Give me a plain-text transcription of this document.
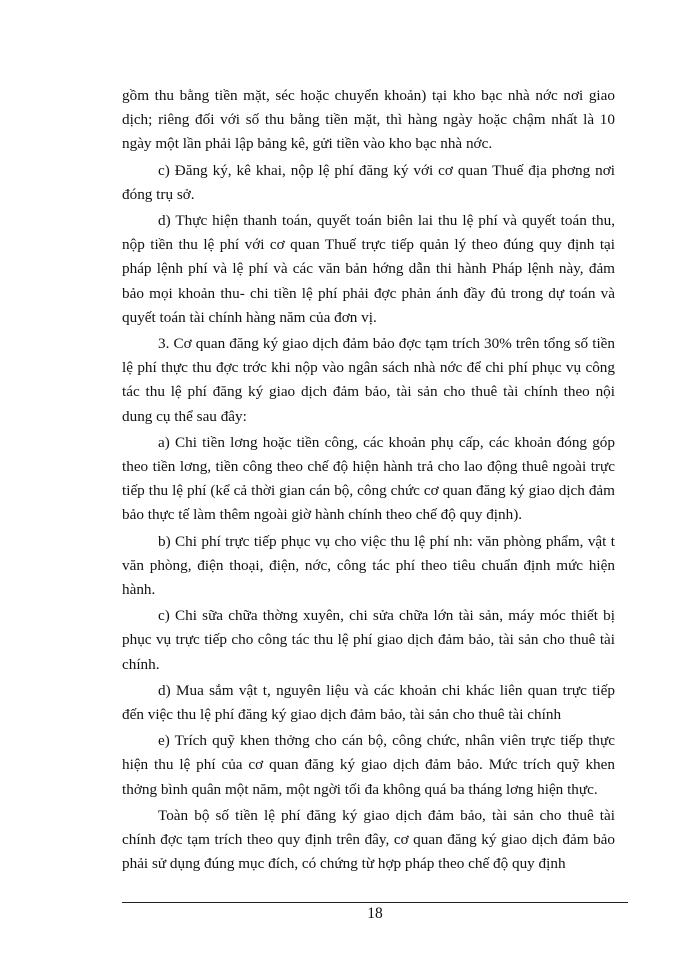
gồm thu bằng tiền mặt, séc hoặc chuyển khoản) tại kho bạc nhà nớc nơi giao dịch; riêng đối với số thu bằng tiền mặt, thì hàng ngày hoặc chậm nhất là 10 ngày một lần phải lập bảng kê, gửi tiền vào kho bạc nhà nớc.

c) Đăng ký, kê khai, nộp lệ phí đăng ký với cơ quan Thuế địa phơng nơi đóng trụ sở.

d) Thực hiện thanh toán, quyết toán biên lai thu lệ phí và quyết toán thu, nộp tiền thu lệ phí với cơ quan Thuế trực tiếp quản lý theo đúng quy định tại pháp lệnh phí và lệ phí và các văn bản hớng dẫn thi hành Pháp lệnh này, đảm bảo mọi khoản thu- chi tiền lệ phí phải đợc phản ánh đầy đủ trong dự toán và quyết toán tài chính hàng năm của đơn vị.

3. Cơ quan đăng ký giao dịch đảm bảo đợc tạm trích 30% trên tổng số tiền lệ phí thực thu đợc trớc khi nộp vào ngân sách nhà nớc để chi phí phục vụ công tác thu lệ phí đăng ký giao dịch đảm bảo, tài sản cho thuê tài chính theo nội dung cụ thể sau đây:

a) Chi tiền lơng hoặc tiền công, các khoản phụ cấp, các khoản đóng góp theo tiền lơng, tiền công theo chế độ hiện hành trả cho lao động thuê ngoài trực tiếp thu lệ phí (kể cả thời gian cán bộ, công chức cơ quan đăng ký giao dịch đảm bảo thực tế làm thêm ngoài giờ hành chính theo chế độ quy định).

b) Chi phí trực tiếp phục vụ cho việc thu lệ phí nh: văn phòng phẩm, vật t văn phòng, điện thoại, điện, nớc, công tác phí theo tiêu chuẩn định mức hiện hành.

c) Chi sữa chữa thờng xuyên, chi sửa chữa lớn tài sản, máy móc thiết bị phục vụ trực tiếp cho công tác thu lệ phí giao dịch đảm bảo, tài sản cho thuê tài chính.

d) Mua sắm vật t, nguyên liệu và các khoản chi khác liên quan trực tiếp đến việc thu lệ phí đăng ký giao dịch đảm bảo, tài sản cho thuê tài chính

e) Trích quỹ khen thởng cho cán bộ, công chức, nhân viên trực tiếp thực hiện thu lệ phí của cơ quan đăng ký giao dịch đảm bảo. Mức trích quỹ khen thởng bình quân một năm, một ngời tối đa không quá ba tháng lơng hiện thực.

Toàn bộ số tiền lệ phí đăng ký giao dịch đảm bảo, tài sản cho thuê tài chính đợc tạm trích theo quy định trên đây, cơ quan đăng ký giao dịch đảm bảo phải sử dụng đúng mục đích, có chứng từ hợp pháp theo chế độ quy định

18
